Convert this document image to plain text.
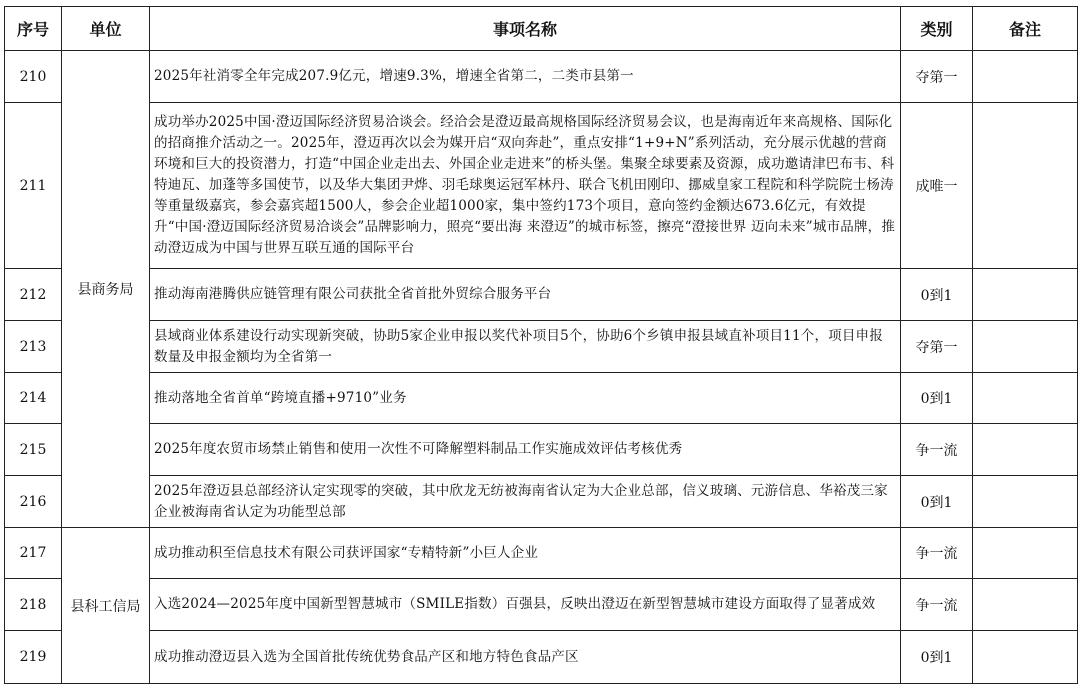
序号	单位	事项名称	类别	备注
210	县商务局	2025年社消零全年完成207.9亿元，增速9.3%，增速全省第二，二类市县第一	夺第一	
211		成功举办2025中国·澄迈国际经济贸易洽谈会。经洽会是澄迈最高规格国际经济贸易会议，也是海南近年来高规格、国际化的招商推介活动之一。2025年，澄迈再次以会为媒开启“双向奔赴”，重点安排“1+9+N”系列活动，充分展示优越的营商环境和巨大的投资潜力，打造“中国企业走出去、外国企业走进来”的桥头堡。集聚全球要素及资源，成功邀请津巴布韦、科特迪瓦、加蓬等多国使节，以及华大集团尹烨、羽毛球奥运冠军林丹、联合飞机田刚印、挪威皇家工程院和科学院院士杨涛等重量级嘉宾，参会嘉宾超1500人，参会企业超1000家，集中签约173个项目，意向签约金额达673.6亿元，有效提升“中国·澄迈国际经济贸易洽谈会”品牌影响力，照亮“要出海 来澄迈”的城市标签，擦亮“澄接世界 迈向未来”城市品牌，推动澄迈成为中国与世界互联互通的国际平台	成唯一	
212		推动海南港腾供应链管理有限公司获批全省首批外贸综合服务平台	0到1	
213		县域商业体系建设行动实现新突破，协助5家企业申报以奖代补项目5个，协助6个乡镇申报县域直补项目11个，项目申报数量及申报金额均为全省第一	夺第一	
214		推动落地全省首单“跨境直播+9710”业务	0到1	
215		2025年度农贸市场禁止销售和使用一次性不可降解塑料制品工作实施成效评估考核优秀	争一流	
216		2025年澄迈县总部经济认定实现零的突破，其中欣龙无纺被海南省认定为大企业总部，信义玻璃、元游信息、华裕茂三家企业被海南省认定为功能型总部	0到1	
217	县科工信局	成功推动积至信息技术有限公司获评国家“专精特新”小巨人企业	争一流	
218		入选2024—2025年度中国新型智慧城市（SMILE指数）百强县，反映出澄迈在新型智慧城市建设方面取得了显著成效	争一流	
219		成功推动澄迈县入选为全国首批传统优势食品产区和地方特色食品产区	0到1	
